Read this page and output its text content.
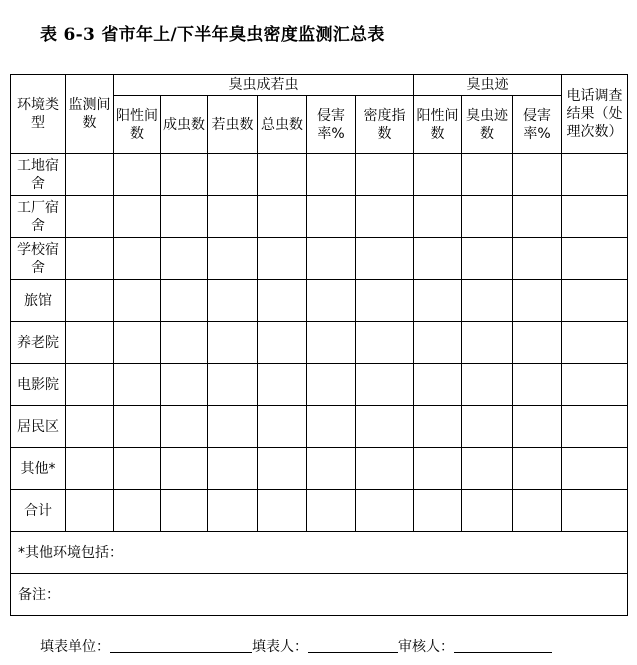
表 6-3 省市年上/下半年臭虫密度监测汇总表
环境类型	监测间数	臭虫成若虫						臭虫迹			电话调查结果（处理次数）
		阳性间数	成虫数	若虫数	总虫数	侵害率%	密度指数	阳性间数	臭虫迹数	侵害率%	
工地宿舍											
工厂宿舍											
学校宿舍											
旅馆											
养老院											
电影院											
居民区											
其他*											
合计											
*其他环境包括：											
备注：											
填表单位：	填表人：	审核人：
